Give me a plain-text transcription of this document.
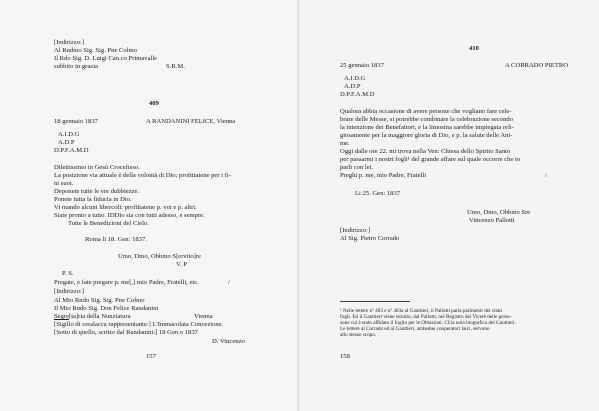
[Indirizzo:]
Al Rndmo Sig. Sig. Pne Colmo
Il Rdo Sig. D. Luigi Can.co Primavalle
subbito in grazia	S.R.M.
409
18 gennaio 1837	A RANDANINI FELICE, Vienna
A.I.D.G
A.D.P
D.P.F.A.M.D
Dilettissimo in Gesù Crocefisso.
La posizione via attuale è della volontà di Dio; profittatene per i fi-
ni suoi.
Deponete tutte le vre dubbiezze.
Ponete tutta la fiducia in Dio.
Vi mando alcuni libercoli: profittatene p. voi e p. altri.
Siate pronto a tutto. IDDio sia con tutti adesso, e sempre.
Tutte le Benedizioni del Cielo.
Roma li 18. Gen: 1837.
Umo, Dmo, Obbmo S[ervito]re
V. P
P. S.
Pregate, e fate pregare p. me[,] mio Padre, Fratelli, etc.	/
[Indirizzo:]
Al Mto Rndo Sig. Sig. Pne Colmo
Il Mio Rndo Sig. Don Felice Randanini
Segre[ta]ria della Nunziatura	Vienna
[Sigillo di ceralacca rappresentante:] L'Immacolata Concezione.
[Sotto di quello, scritto dal Randanini:] 18 Gen.o 1837
D. Vincenzo
157
410
25 gennaio 1837	A CORRADO PIETRO
A.I.D.G
A.D.P
D.P.F.A.M.D
Qualora abbia occasione di avere persone che vogliano fare cele-
brare delle Messe, si potrebbe combinare la celebrazione secondo
la intenzione dei Benefattori, e la limosina sarebbe impiegata reli-
giosamente per la maggiore gloria di Dio, e p. la salute delle Ani-
me.
Oggi dalle ore 22. mi trova nella Ven: Chiesa dello Spirito Santo
per passarmi i nostri fogli¹ del grande affare sul quale occorre che io
parli con lei.
Preghi p. me, mio Padre, Fratelli	/
Li 25. Gen: 1837
Umo, Dmo, Obbmo Sre
Vincenzo Pallotti
[Indirizzo:]
Al Sig. Pietro Corrado
¹ Nelle lettere nº 403 e nº 403a al Gauttieri, il Pallotti parla parimenti dei citati
fogli. Ed il Gauttieri viene istruito, dal Pallotti, nel Registro dei Vicerè delle perso-
sone cui è stato affidato il foglio per le Oblazioni. Cf.la nota biografica del Gauttieri.
Le lettere al Corrado ed al Gauttieri, ambedue cooperatori laici, servono
allo stesso scopo.
158
